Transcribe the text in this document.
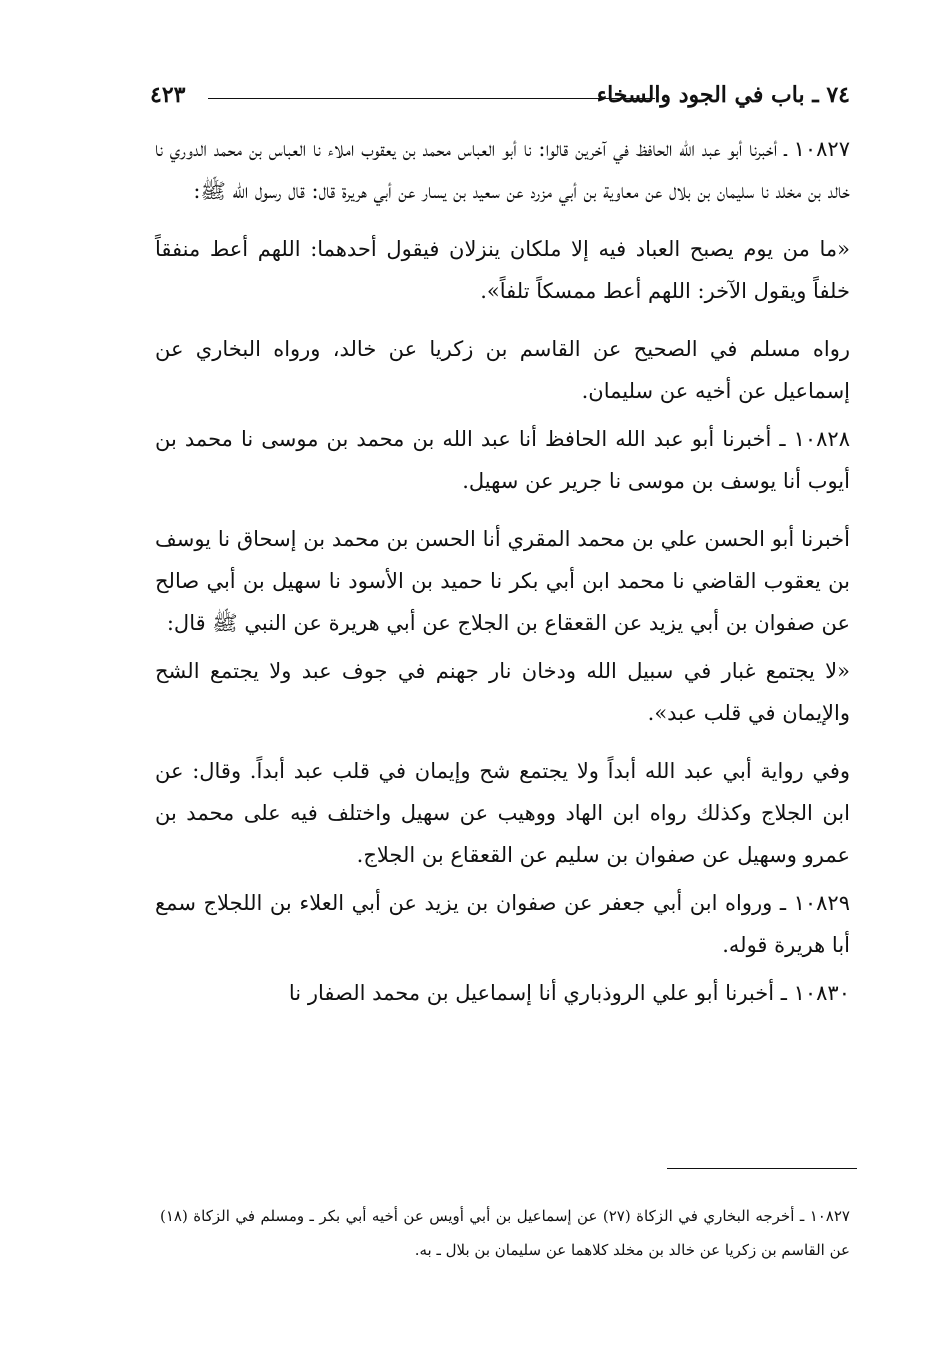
٧٤ ـ باب في الجود والسخاء
٤٢٣

١٠٨٢٧ ـ أخبرنا أبو عبد الله الحافظ في آخرين قالوا: نا أبو العباس محمد بن يعقوب املاء نا العباس بن محمد الدوري نا خالد بن مخلد نا سليمان بن بلال عن معاوية بن أبي مزرد عن سعيد بن يسار عن أبي هريرة قال: قال رسول الله ﷺ:

«ما من يوم يصبح العباد فيه إلا ملكان ينزلان فيقول أحدهما: اللهم أعط منفقاً خلفاً ويقول الآخر: اللهم أعط ممسكاً تلفاً».

رواه مسلم في الصحيح عن القاسم بن زكريا عن خالد، ورواه البخاري عن إسماعيل عن أخيه عن سليمان.

١٠٨٢٨ ـ أخبرنا أبو عبد الله الحافظ أنا عبد الله بن محمد بن موسى نا محمد بن أيوب أنا يوسف بن موسى نا جرير عن سهيل.

أخبرنا أبو الحسن علي بن محمد المقري أنا الحسن بن محمد بن إسحاق نا يوسف بن يعقوب القاضي نا محمد ابن أبي بكر نا حميد بن الأسود نا سهيل بن أبي صالح عن صفوان بن أبي يزيد عن القعقاع بن الجلاج عن أبي هريرة عن النبي ﷺ قال:

«لا يجتمع غبار في سبيل الله ودخان نار جهنم في جوف عبد ولا يجتمع الشح والإيمان في قلب عبد».

وفي رواية أبي عبد الله أبداً ولا يجتمع شح وإيمان في قلب عبد أبداً. وقال: عن ابن الجلاج وكذلك رواه ابن الهاد ووهيب عن سهيل واختلف فيه على محمد بن عمرو وسهيل عن صفوان بن سليم عن القعقاع بن الجلاج.

١٠٨٢٩ ـ ورواه ابن أبي جعفر عن صفوان بن يزيد عن أبي العلاء بن اللجلاج سمع أبا هريرة قوله.

١٠٨٣٠ ـ أخبرنا أبو علي الروذباري أنا إسماعيل بن محمد الصفار نا

١٠٨٢٧ ـ أخرجه البخاري في الزكاة (٢٧) عن إسماعيل بن أبي أويس عن أخيه أبي بكر ـ ومسلم في الزكاة (١٨) عن القاسم بن زكريا عن خالد بن مخلد كلاهما عن سليمان بن بلال ـ به.
